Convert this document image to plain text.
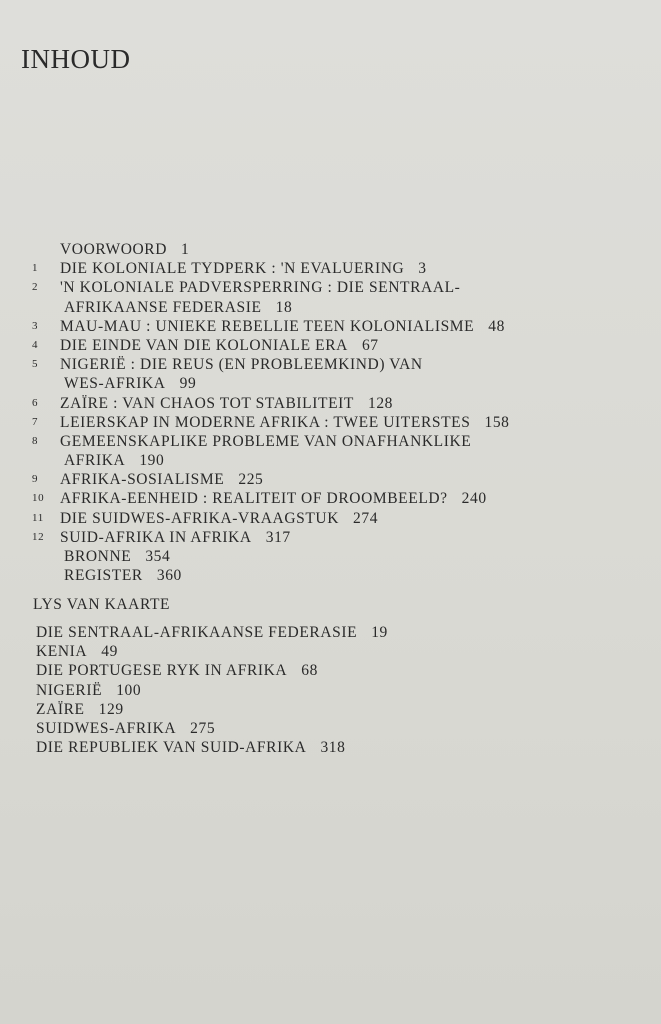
INHOUD
VOORWOORD 1
1	DIE KOLONIALE TYDPERK : 'N EVALUERING 3
2	'N KOLONIALE PADVERSPERRING : DIE SENTRAAL-
AFRIKAANSE FEDERASIE 18
3	MAU-MAU : UNIEKE REBELLIE TEEN KOLONIALISME 48
4	DIE EINDE VAN DIE KOLONIALE ERA 67
5	NIGERIË : DIE REUS (EN PROBLEEMKIND) VAN
WES-AFRIKA 99
6	ZAÏRE : VAN CHAOS TOT STABILITEIT 128
7	LEIERSKAP IN MODERNE AFRIKA : TWEE UITERSTES 158
8	GEMEENSKAPLIKE PROBLEME VAN ONAFHANKLIKE
AFRIKA 190
9	AFRIKA-SOSIALISME 225
10	AFRIKA-EENHEID : REALITEIT OF DROOMBEELD? 240
11	DIE SUIDWES-AFRIKA-VRAAGSTUK 274
12	SUID-AFRIKA IN AFRIKA 317
BRONNE 354
REGISTER 360
LYS VAN KAARTE
DIE SENTRAAL-AFRIKAANSE FEDERASIE 19
KENIA 49
DIE PORTUGESE RYK IN AFRIKA 68
NIGERIË 100
ZAÏRE 129
SUIDWES-AFRIKA 275
DIE REPUBLIEK VAN SUID-AFRIKA 318
